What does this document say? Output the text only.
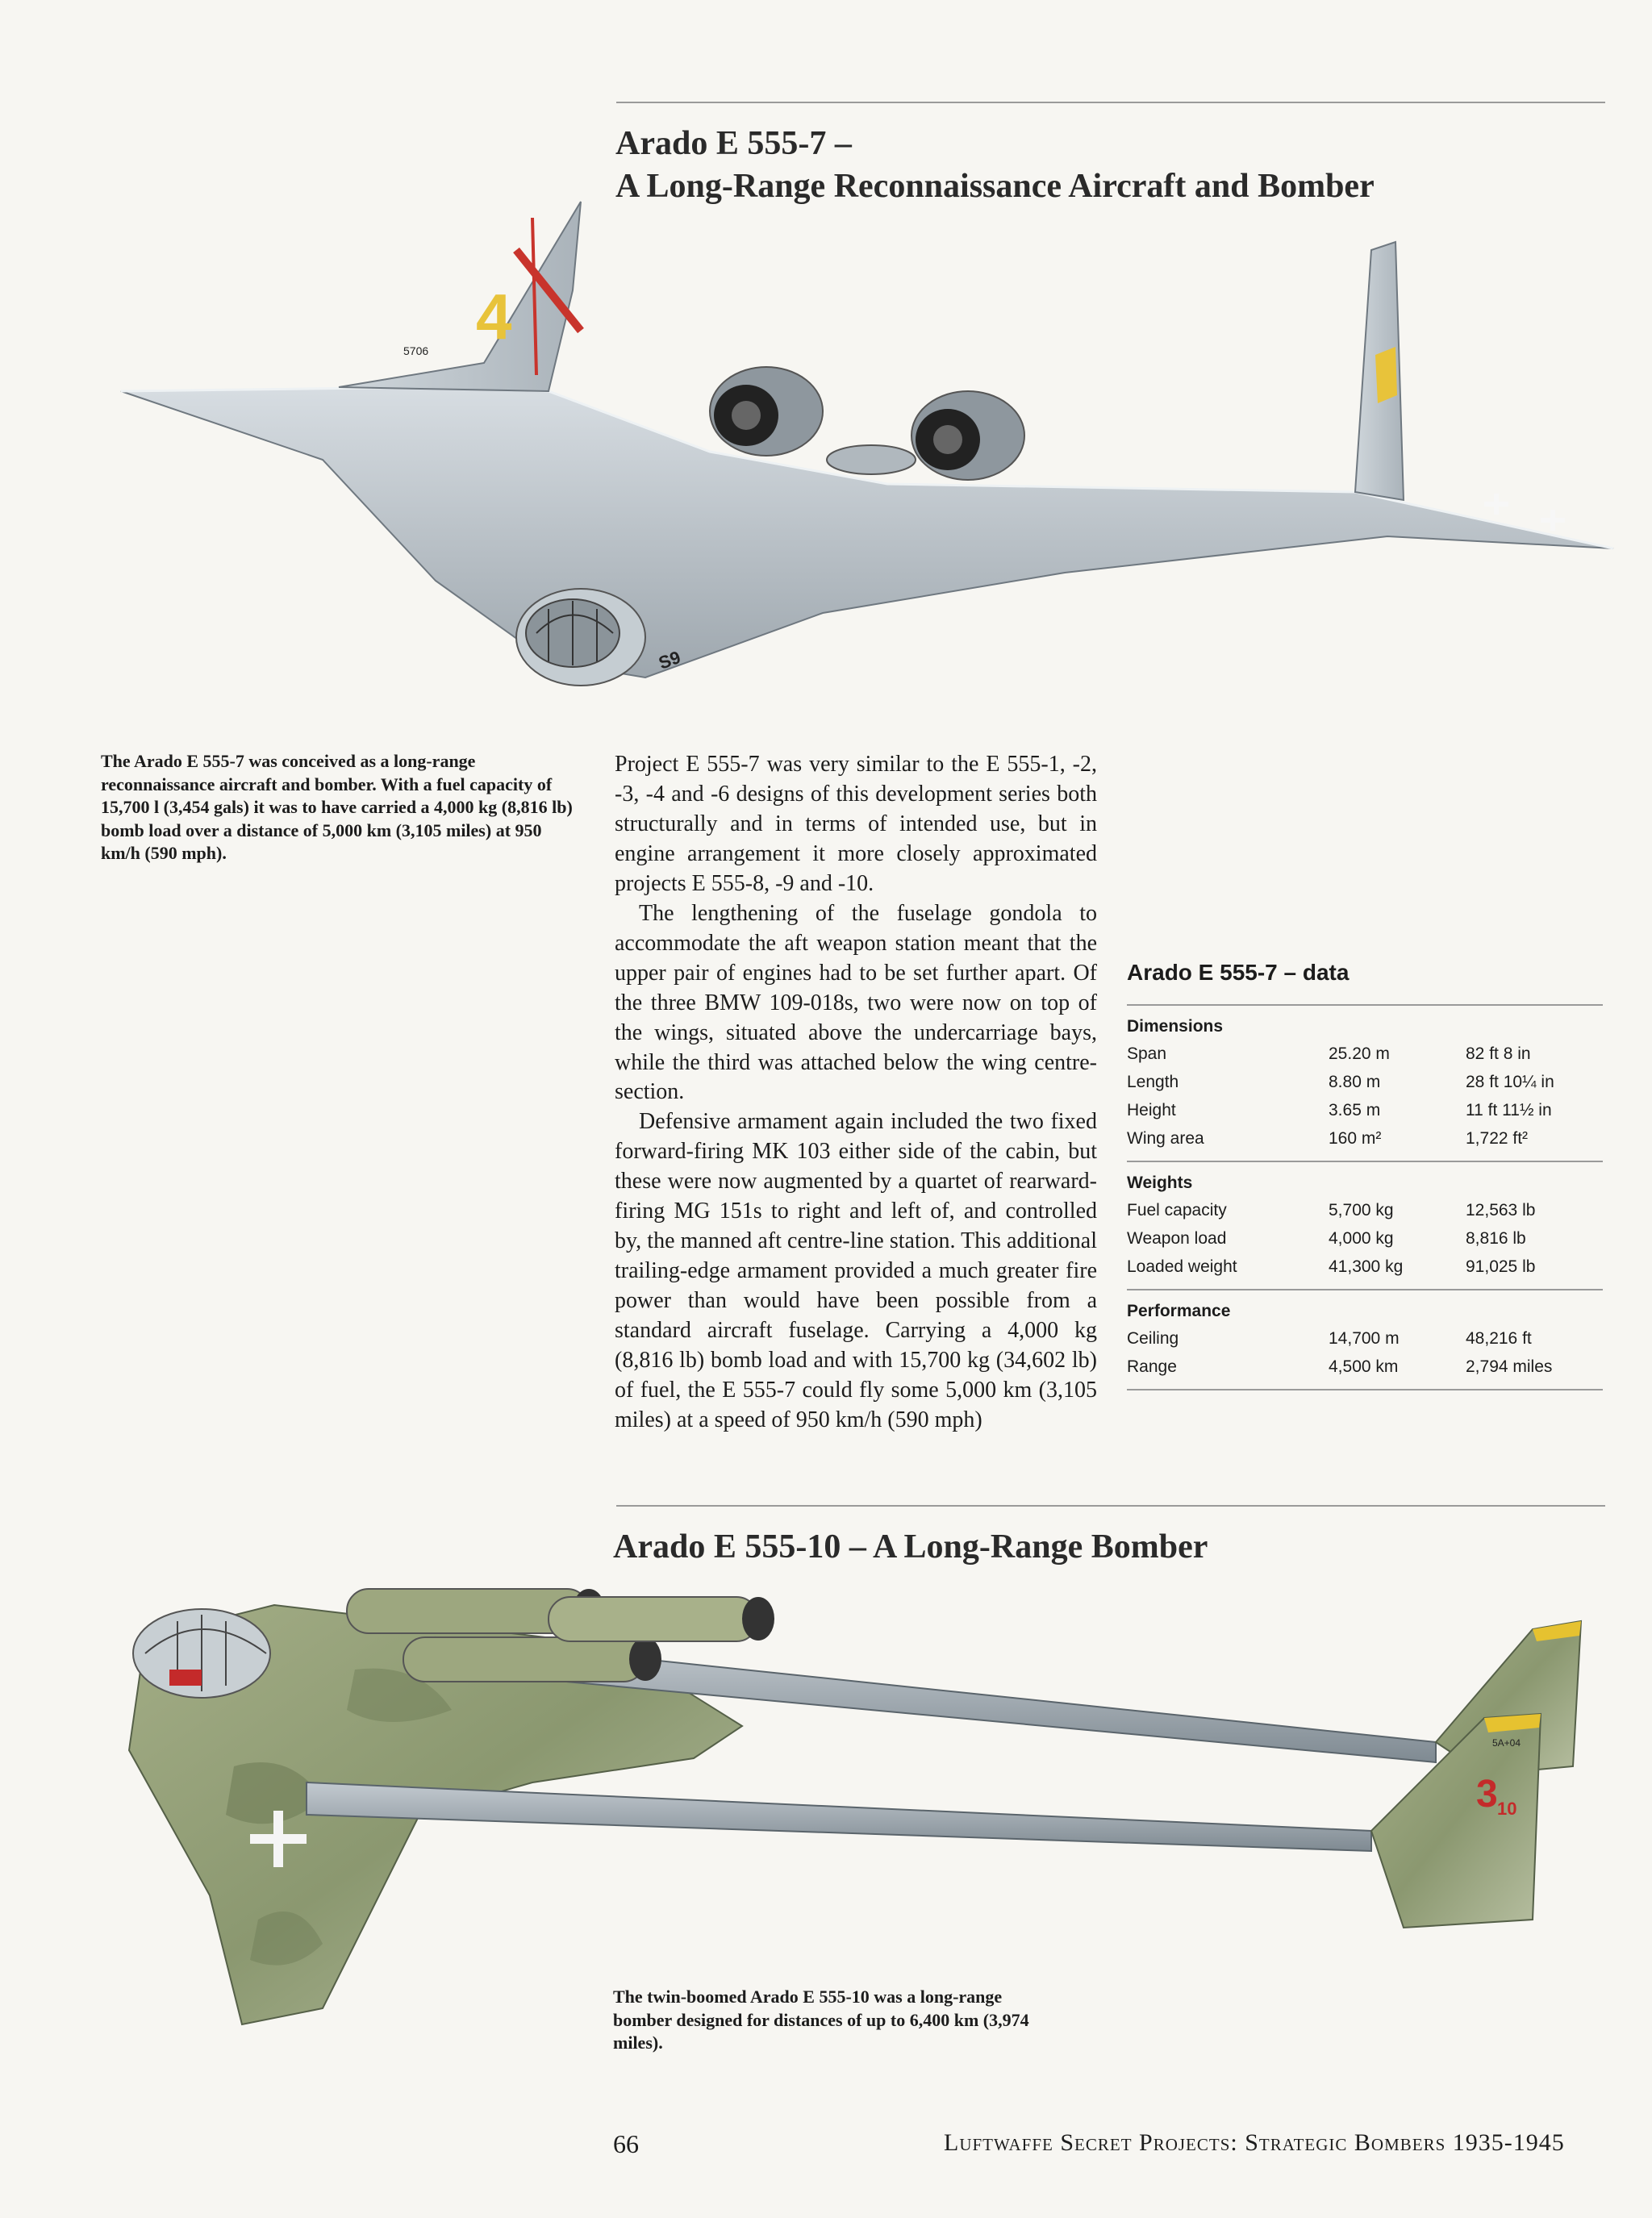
Arado E 555-7 –
A Long-Range Reconnaissance Aircraft and Bomber
4
5706
S9
The Arado E 555-7 was conceived as a long-range reconnaissance aircraft and bomber. With a fuel capacity of 15,700 l (3,454 gals) it was to have carried a 4,000 kg (8,816 lb) bomb load over a distance of 5,000 km (3,105 miles) at 950 km/h (590 mph).

Project E 555-7 was very similar to the E 555-1, -2, -3, -4 and -6 designs of this development series both structurally and in terms of intended use, but in engine arrangement it more closely approximated projects E 555-8, -9 and -10.

The lengthening of the fuselage gondola to accommodate the aft weapon station meant that the upper pair of engines had to be set further apart. Of the three BMW 109-018s, two were now on top of the wings, situated above the undercarriage bays, while the third was attached below the wing centre-section.

Defensive armament again included the two fixed forward-firing MK 103 either side of the cabin, but these were now augmented by a quartet of rearward-firing MG 151s to right and left of, and controlled by, the manned aft centre-line station. This additional trailing-edge armament provided a much greater fire power than would have been possible from a standard aircraft fuselage. Carrying a 4,000 kg (8,816 lb) bomb load and with 15,700 kg (34,602 lb) of fuel, the E 555-7 could fly some 5,000 km (3,105 miles) at a speed of 950 km/h (590 mph)

Arado E 555-7 – data
Dimensions
Span	25.20 m	82 ft 8 in
Length	8.80 m	28 ft 10¼ in
Height	3.65 m	11 ft 11½ in
Wing area	160 m²	1,722 ft²
Weights
Fuel capacity	5,700 kg	12,563 lb
Weapon load	4,000 kg	8,816 lb
Loaded weight	41,300 kg	91,025 lb
Performance
Ceiling	14,700 m	48,216 ft
Range	4,500 km	2,794 miles
Arado E 555-10 – A Long-Range Bomber
5A+04
3 10
The twin-boomed Arado E 555-10 was a long-range bomber designed for distances of up to 6,400 km (3,974 miles).
66	Luftwaffe Secret Projects: Strategic Bombers 1935-1945
